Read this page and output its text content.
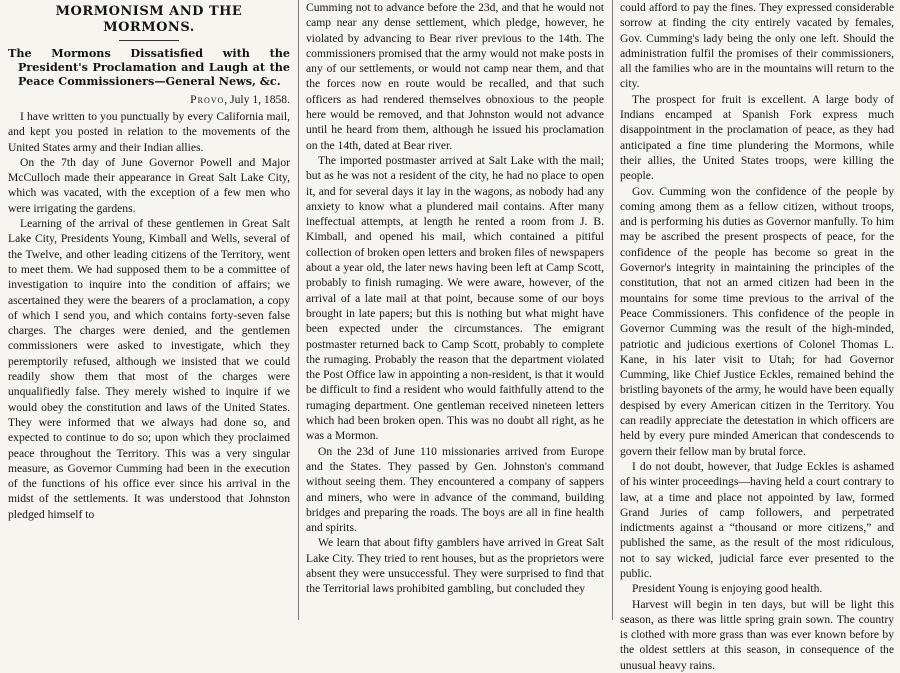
MORMONISM AND THE MORMONS.
The Mormons Dissatisfied with the President's Proclamation and Laugh at the Peace Commissioners—General News, &c.
Provo, July 1, 1858.

I have written to you punctually by every California mail, and kept you posted in relation to the movements of the United States army and their Indian allies.

On the 7th day of June Governor Powell and Major McCulloch made their appearance in Great Salt Lake City, which was vacated, with the exception of a few men who were irrigating the gardens.

Learning of the arrival of these gentlemen in Great Salt Lake City, Presidents Young, Kimball and Wells, several of the Twelve, and other leading citizens of the Territory, went to meet them. We had supposed them to be a committee of investigation to inquire into the condition of affairs; we ascertained they were the bearers of a proclamation, a copy of which I send you, and which contains forty-seven false charges. The charges were denied, and the gentlemen commissioners were asked to investigate, which they peremptorily refused, although we insisted that we could readily show them that most of the charges were unqualifiedly false. They merely wished to inquire if we would obey the constitution and laws of the United States. They were informed that we always had done so, and expected to continue to do so; upon which they proclaimed peace throughout the Territory. This was a very singular measure, as Governor Cumming had been in the execution of the functions of his office ever since his arrival in the midst of the settlements. It was understood that Johnston pledged himself to

Cumming not to advance before the 23d, and that he would not camp near any dense settlement, which pledge, however, he violated by advancing to Bear river previous to the 14th. The commissioners promised that the army would not make posts in any of our settlements, or would not camp near them, and that the forces now en route would be recalled, and that such officers as had rendered themselves obnoxious to the people here would be removed, and that Johnston would not advance until he heard from them, although he issued his proclamation on the 14th, dated at Bear river.

The imported postmaster arrived at Salt Lake with the mail; but as he was not a resident of the city, he had no place to open it, and for several days it lay in the wagons, as nobody had any anxiety to know what a plundered mail contains. After many ineffectual attempts, at length he rented a room from J. B. Kimball, and opened his mail, which contained a pitiful collection of broken open letters and broken files of newspapers about a year old, the later news having been left at Camp Scott, probably to finish rumaging. We were aware, however, of the arrival of a late mail at that point, because some of our boys brought in late papers; but this is nothing but what might have been expected under the circumstances. The emigrant postmaster returned back to Camp Scott, probably to complete the rumaging. Probably the reason that the department violated the Post Office law in appointing a non-resident, is that it would be difficult to find a resident who would faithfully attend to the rumaging department. One gentleman received nineteen letters which had been broken open. This was no doubt all right, as he was a Mormon.

On the 23d of June 110 missionaries arrived from Europe and the States. They passed by Gen. Johnston's command without seeing them. They encountered a company of sappers and miners, who were in advance of the command, building bridges and preparing the roads. The boys are all in fine health and spirits.

We learn that about fifty gamblers have arrived in Great Salt Lake City. They tried to rent houses, but as the proprietors were absent they were unsuccessful. They were surprised to find that the Territorial laws prohibited gambling, but concluded they

could afford to pay the fines. They expressed considerable sorrow at finding the city entirely vacated by females, Gov. Cumming's lady being the only one left. Should the administration fulfil the promises of their commissioners, all the families who are in the mountains will return to the city.

The prospect for fruit is excellent. A large body of Indians encamped at Spanish Fork express much disappointment in the proclamation of peace, as they had anticipated a fine time plundering the Mormons, while their allies, the United States troops, were killing the people.

Gov. Cumming won the confidence of the people by coming among them as a fellow citizen, without troops, and is performing his duties as Governor manfully. To him may be ascribed the present prospects of peace, for the confidence of the people has become so great in the Governor's integrity in maintaining the principles of the constitution, that not an armed citizen had been in the mountains for some time previous to the arrival of the Peace Commissioners. This confidence of the people in Governor Cumming was the result of the high-minded, patriotic and judicious exertions of Colonel Thomas L. Kane, in his later visit to Utah; for had Governor Cumming, like Chief Justice Eckles, remained behind the bristling bayonets of the army, he would have been equally despised by every American citizen in the Territory. You can readily appreciate the detestation in which officers are held by every pure minded American that condescends to govern their fellow man by brutal force.

I do not doubt, however, that Judge Eckles is ashamed of his winter proceedings—having held a court contrary to law, at a time and place not appointed by law, formed Grand Juries of camp followers, and perpetrated indictments against a “thousand or more citizens,” and published the same, as the result of the most ridiculous, not to say wicked, judicial farce ever presented to the public.

President Young is enjoying good health.

Harvest will begin in ten days, but will be light this season, as there was little spring grain sown. The country is clothed with more grass than was ever known before by the oldest settlers at this season, in consequence of the unusual heavy rains.
